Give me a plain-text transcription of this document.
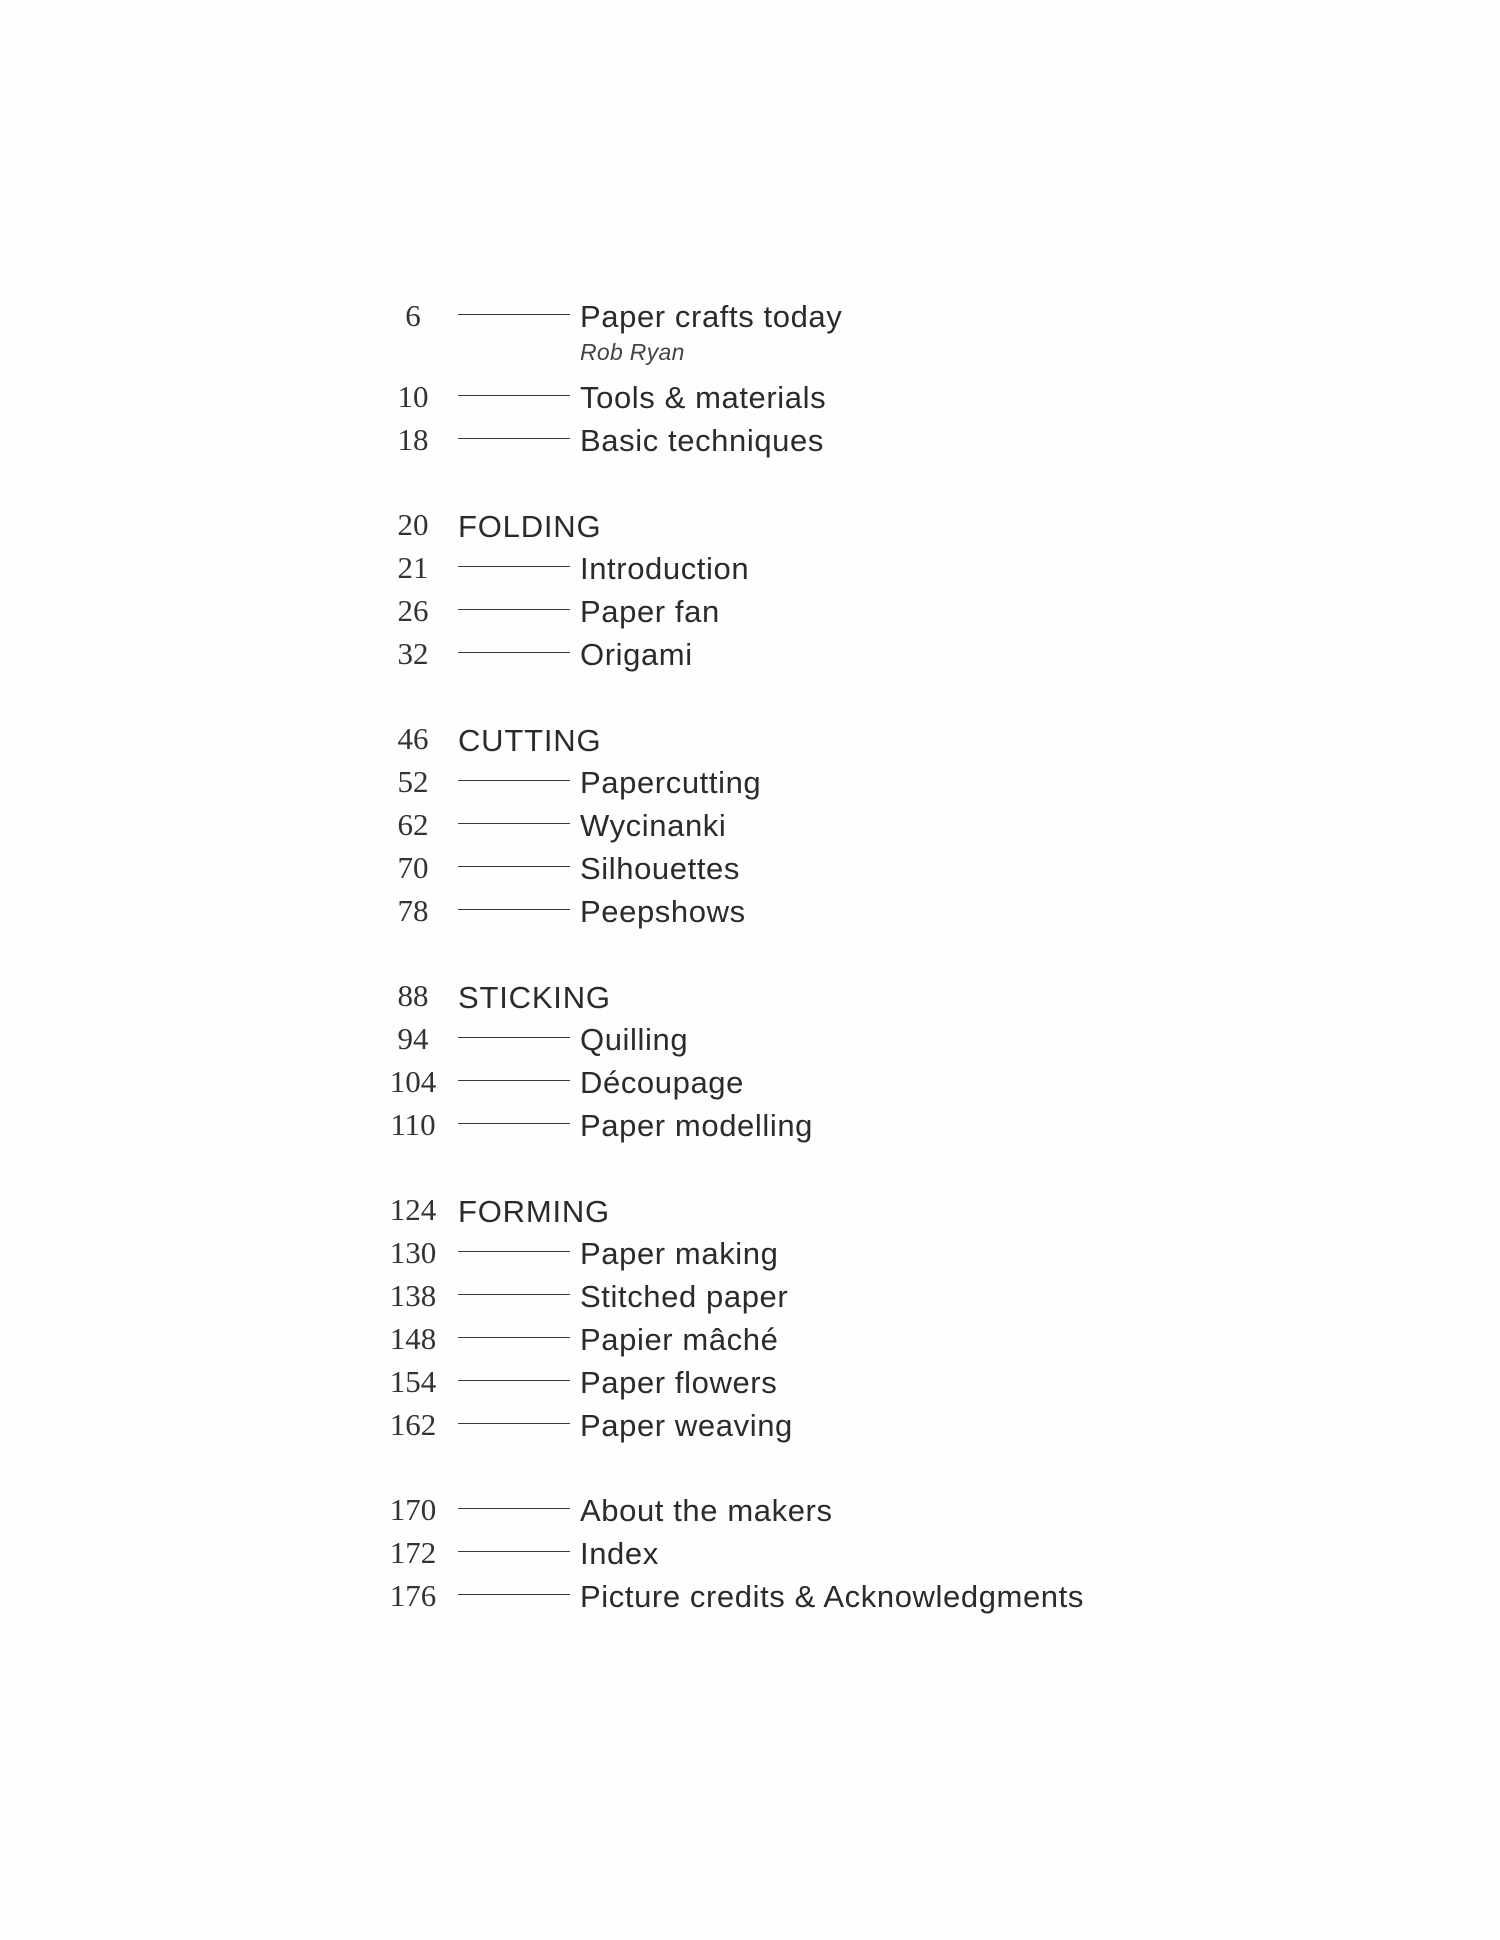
6	Paper crafts today
Rob Ryan
10	Tools & materials
18	Basic techniques
20 FOLDING
21	Introduction
26	Paper fan
32	Origami
46 CUTTING
52	Papercutting
62	Wycinanki
70	Silhouettes
78	Peepshows
88 STICKING
94	Quilling
104	Découpage
110	Paper modelling
124 FORMING
130	Paper making
138	Stitched paper
148	Papier mâché
154	Paper flowers
162	Paper weaving
170	About the makers
172	Index
176	Picture credits & Acknowledgments
